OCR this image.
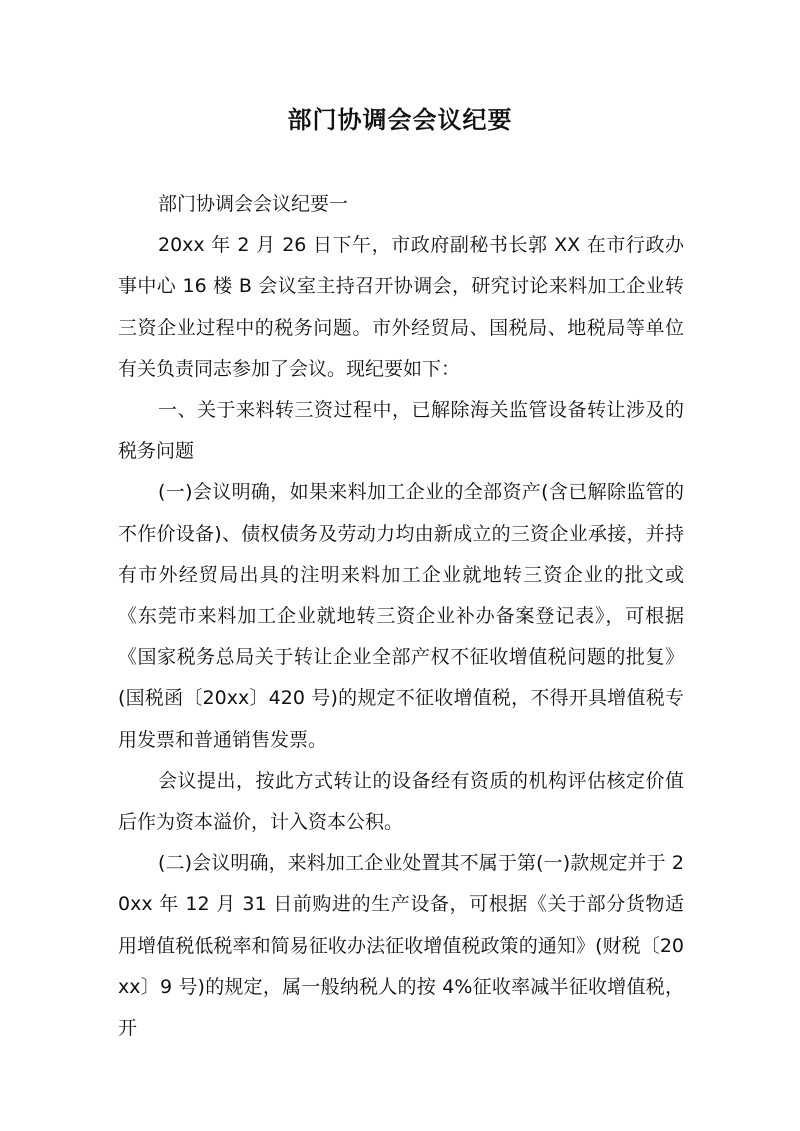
部门协调会会议纪要

部门协调会会议纪要一

20xx 年 2 月 26 日下午，市政府副秘书长郭 XX 在市行政办事中心 16 楼 B 会议室主持召开协调会，研究讨论来料加工企业转三资企业过程中的税务问题。市外经贸局、国税局、地税局等单位有关负责同志参加了会议。现纪要如下：

一、关于来料转三资过程中，已解除海关监管设备转让涉及的税务问题

(一)会议明确，如果来料加工企业的全部资产(含已解除监管的不作价设备)、债权债务及劳动力均由新成立的三资企业承接，并持有市外经贸局出具的注明来料加工企业就地转三资企业的批文或《东莞市来料加工企业就地转三资企业补办备案登记表》，可根据《国家税务总局关于转让企业全部产权不征收增值税问题的批复》(国税函〔20xx〕420 号)的规定不征收增值税，不得开具增值税专用发票和普通销售发票。

会议提出，按此方式转让的设备经有资质的机构评估核定价值后作为资本溢价，计入资本公积。

(二)会议明确，来料加工企业处置其不属于第(一)款规定并于 20xx 年 12 月 31 日前购进的生产设备，可根据《关于部分货物适用增值税低税率和简易征收办法征收增值税政策的通知》(财税〔20xx〕9 号)的规定，属一般纳税人的按 4%征收率减半征收增值税，开
